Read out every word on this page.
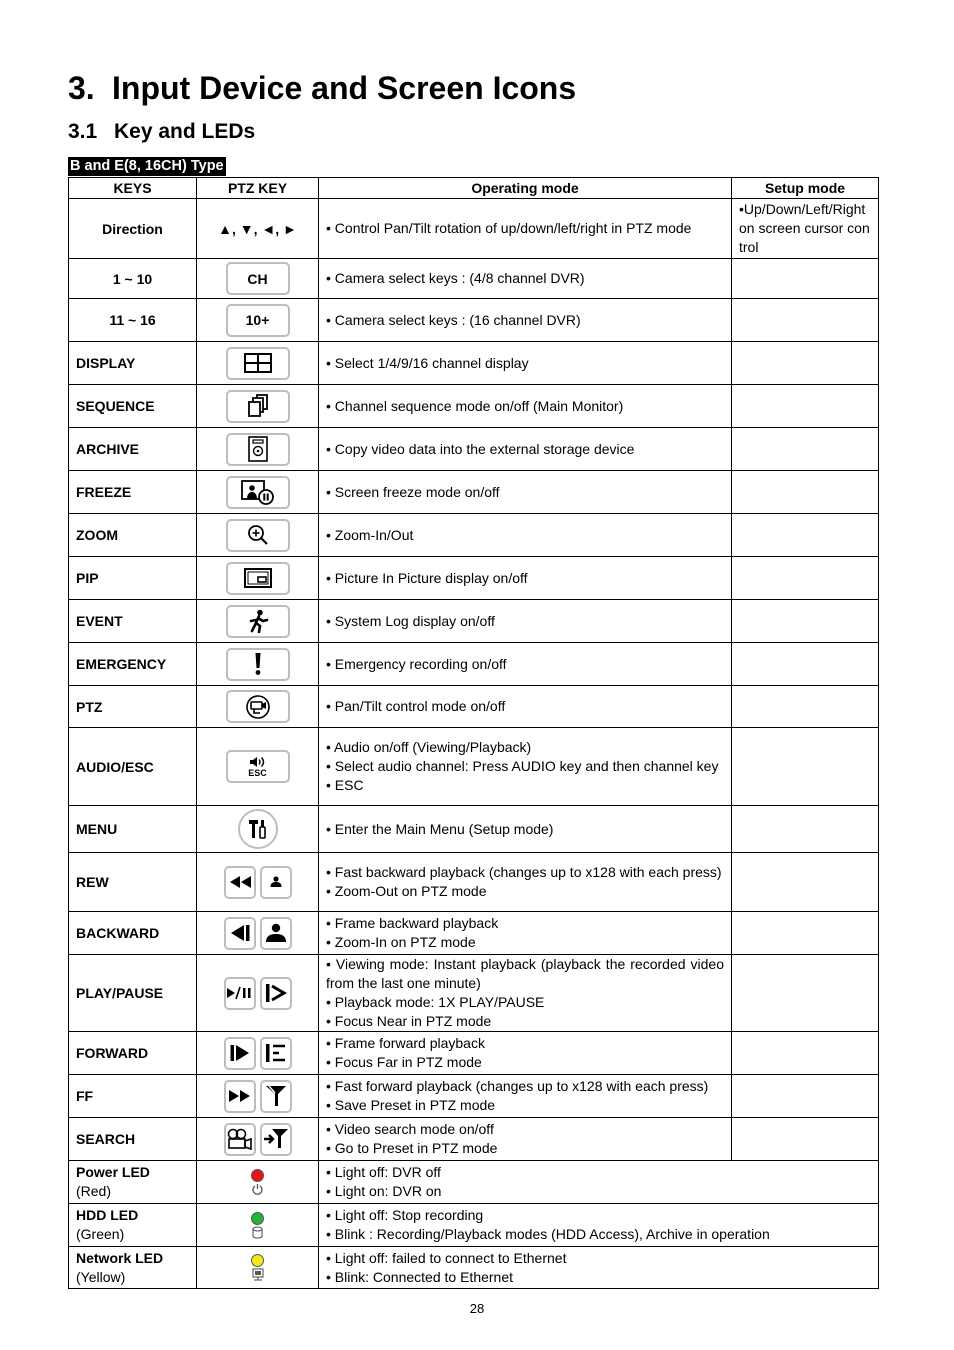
3. Input Device and Screen Icons
3.1 Key and LEDs
B and E(8, 16CH) Type
KEYS	PTZ KEY	Operating mode	Setup mode
Direction	▲, ▼, ◄, ►	• Control Pan/Tilt rotation of up/down/left/right in PTZ mode	•Up/Down/Left/Right on screen cursor control
1 ~ 10	CH	• Camera select keys : (4/8 channel DVR)	

11 ~ 16	10+	• Camera select keys : (16 channel DVR)	

DISPLAY		• Select 1/4/9/16 channel display	

SEQUENCE		• Channel sequence mode on/off (Main Monitor)	

ARCHIVE		• Copy video data into the external storage device	

FREEZE		• Screen freeze mode on/off	

ZOOM		• Zoom-In/Out	

PIP		• Picture In Picture display on/off	

EVENT		• System Log display on/off	

EMERGENCY		• Emergency recording on/off	

PTZ		• Pan/Tilt control mode on/off	

AUDIO/ESC	ESC	• Audio on/off (Viewing/Playback)
• Select audio channel: Press AUDIO key and then channel key
• ESC	

MENU		• Enter the Main Menu (Setup mode)	

REW		• Fast backward playback (changes up to x128 with each press)
• Zoom-Out on PTZ mode	

BACKWARD		• Frame backward playback
• Zoom-In on PTZ mode	

PLAY/PAUSE		• Viewing mode: Instant playback (playback the recorded video from the last one minute)
• Playback mode: 1X PLAY/PAUSE
• Focus Near in PTZ mode	

FORWARD		• Frame forward playback
• Focus Far in PTZ mode	

FF		• Fast forward playback (changes up to x128 with each press)
• Save Preset in PTZ mode	

SEARCH		• Video search mode on/off
• Go to Preset in PTZ mode	

Power LED
(Red)		• Light off: DVR off
• Light on: DVR on	

HDD LED
(Green)		• Light off: Stop recording
• Blink : Recording/Playback modes (HDD Access), Archive in operation	

Network LED
(Yellow)		• Light off: failed to connect to Ethernet
• Blink: Connected to Ethernet	
28
